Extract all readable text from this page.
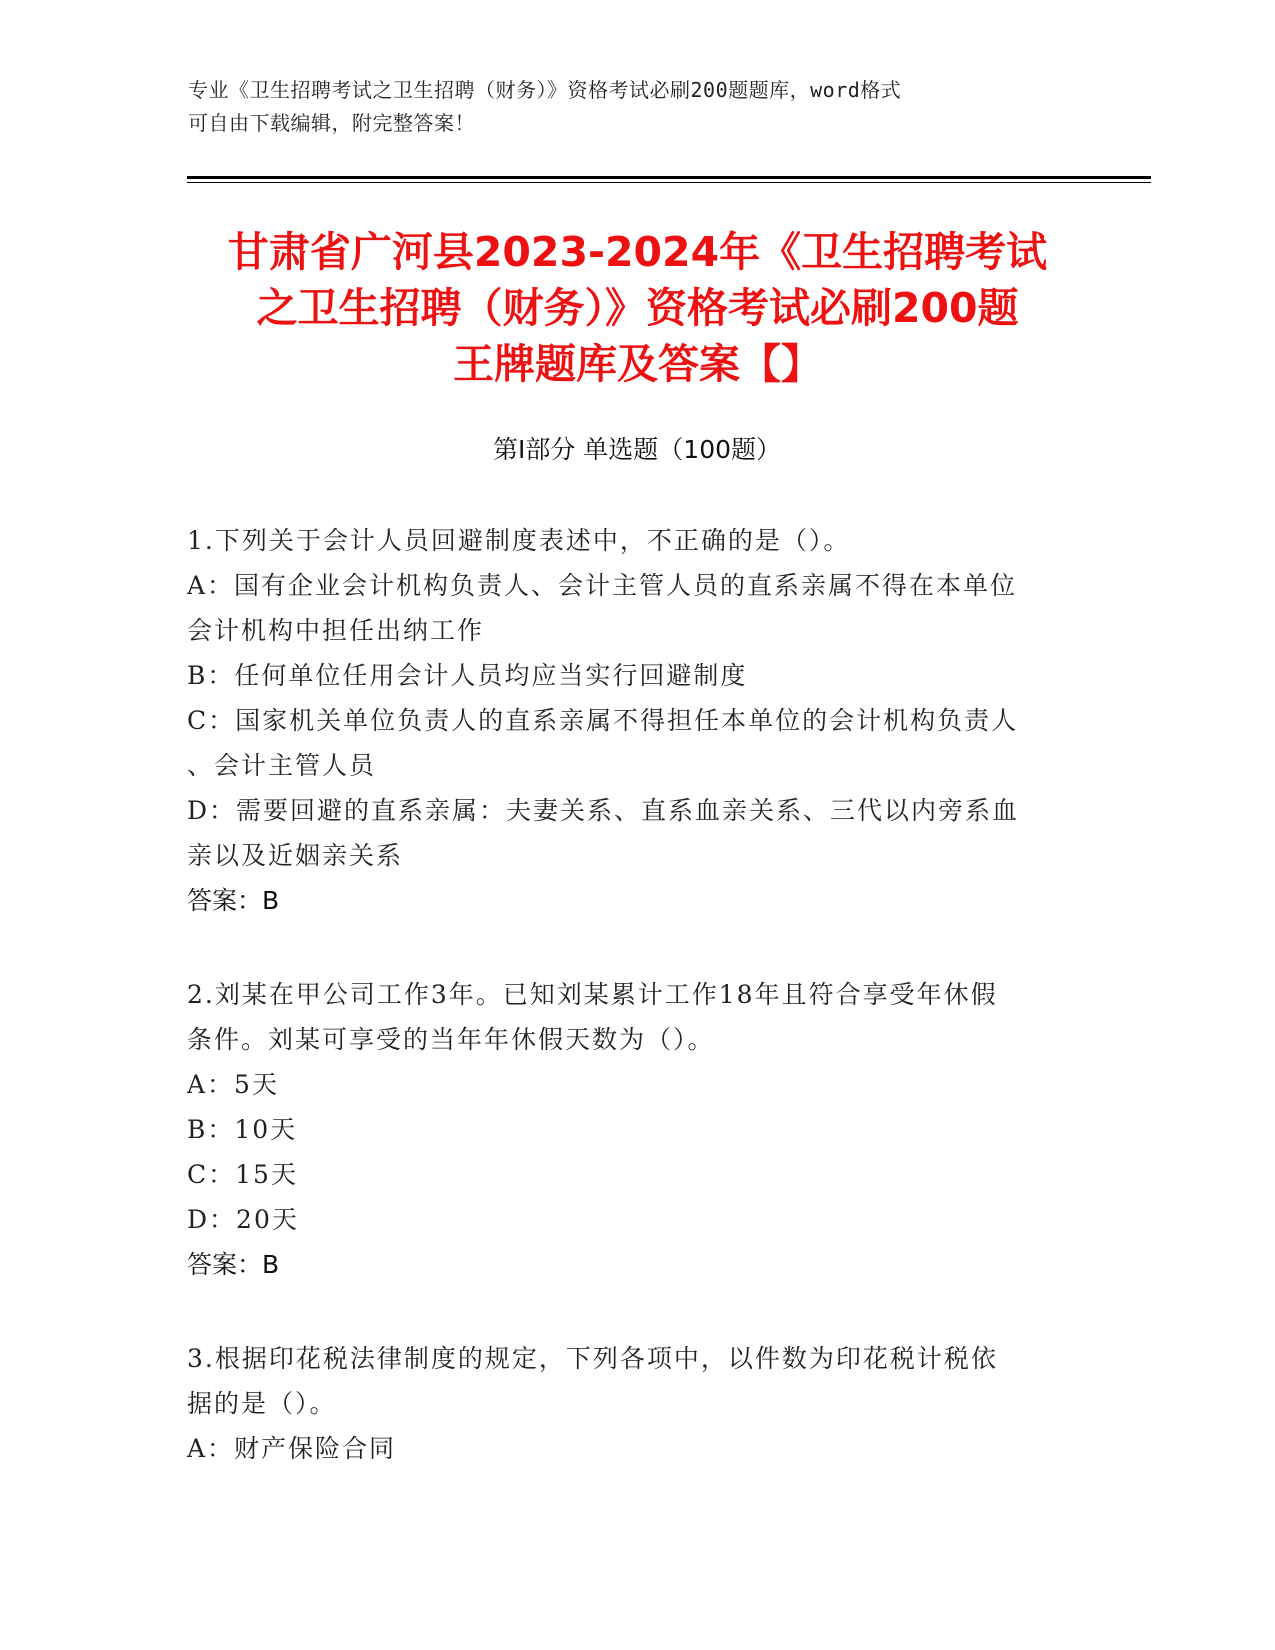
专业《卫生招聘考试之卫生招聘（财务）》资格考试必刷200题题库，word格式
可自由下载编辑，附完整答案！
甘肃省广河县2023-2024年《卫生招聘考试
之卫生招聘（财务）》资格考试必刷200题
王牌题库及答案【】
第I部分 单选题（100题）
1.下列关于会计人员回避制度表述中，不正确的是（）。
A：国有企业会计机构负责人、会计主管人员的直系亲属不得在本单位
会计机构中担任出纳工作
B：任何单位任用会计人员均应当实行回避制度
C：国家机关单位负责人的直系亲属不得担任本单位的会计机构负责人
、会计主管人员
D：需要回避的直系亲属：夫妻关系、直系血亲关系、三代以内旁系血
亲以及近姻亲关系
答案：B
2.刘某在甲公司工作3年。已知刘某累计工作18年且符合享受年休假
条件。刘某可享受的当年年休假天数为（）。
A：5天
B：10天
C：15天
D：20天
答案：B
3.根据印花税法律制度的规定，下列各项中，以件数为印花税计税依
据的是（）。
A：财产保险合同
